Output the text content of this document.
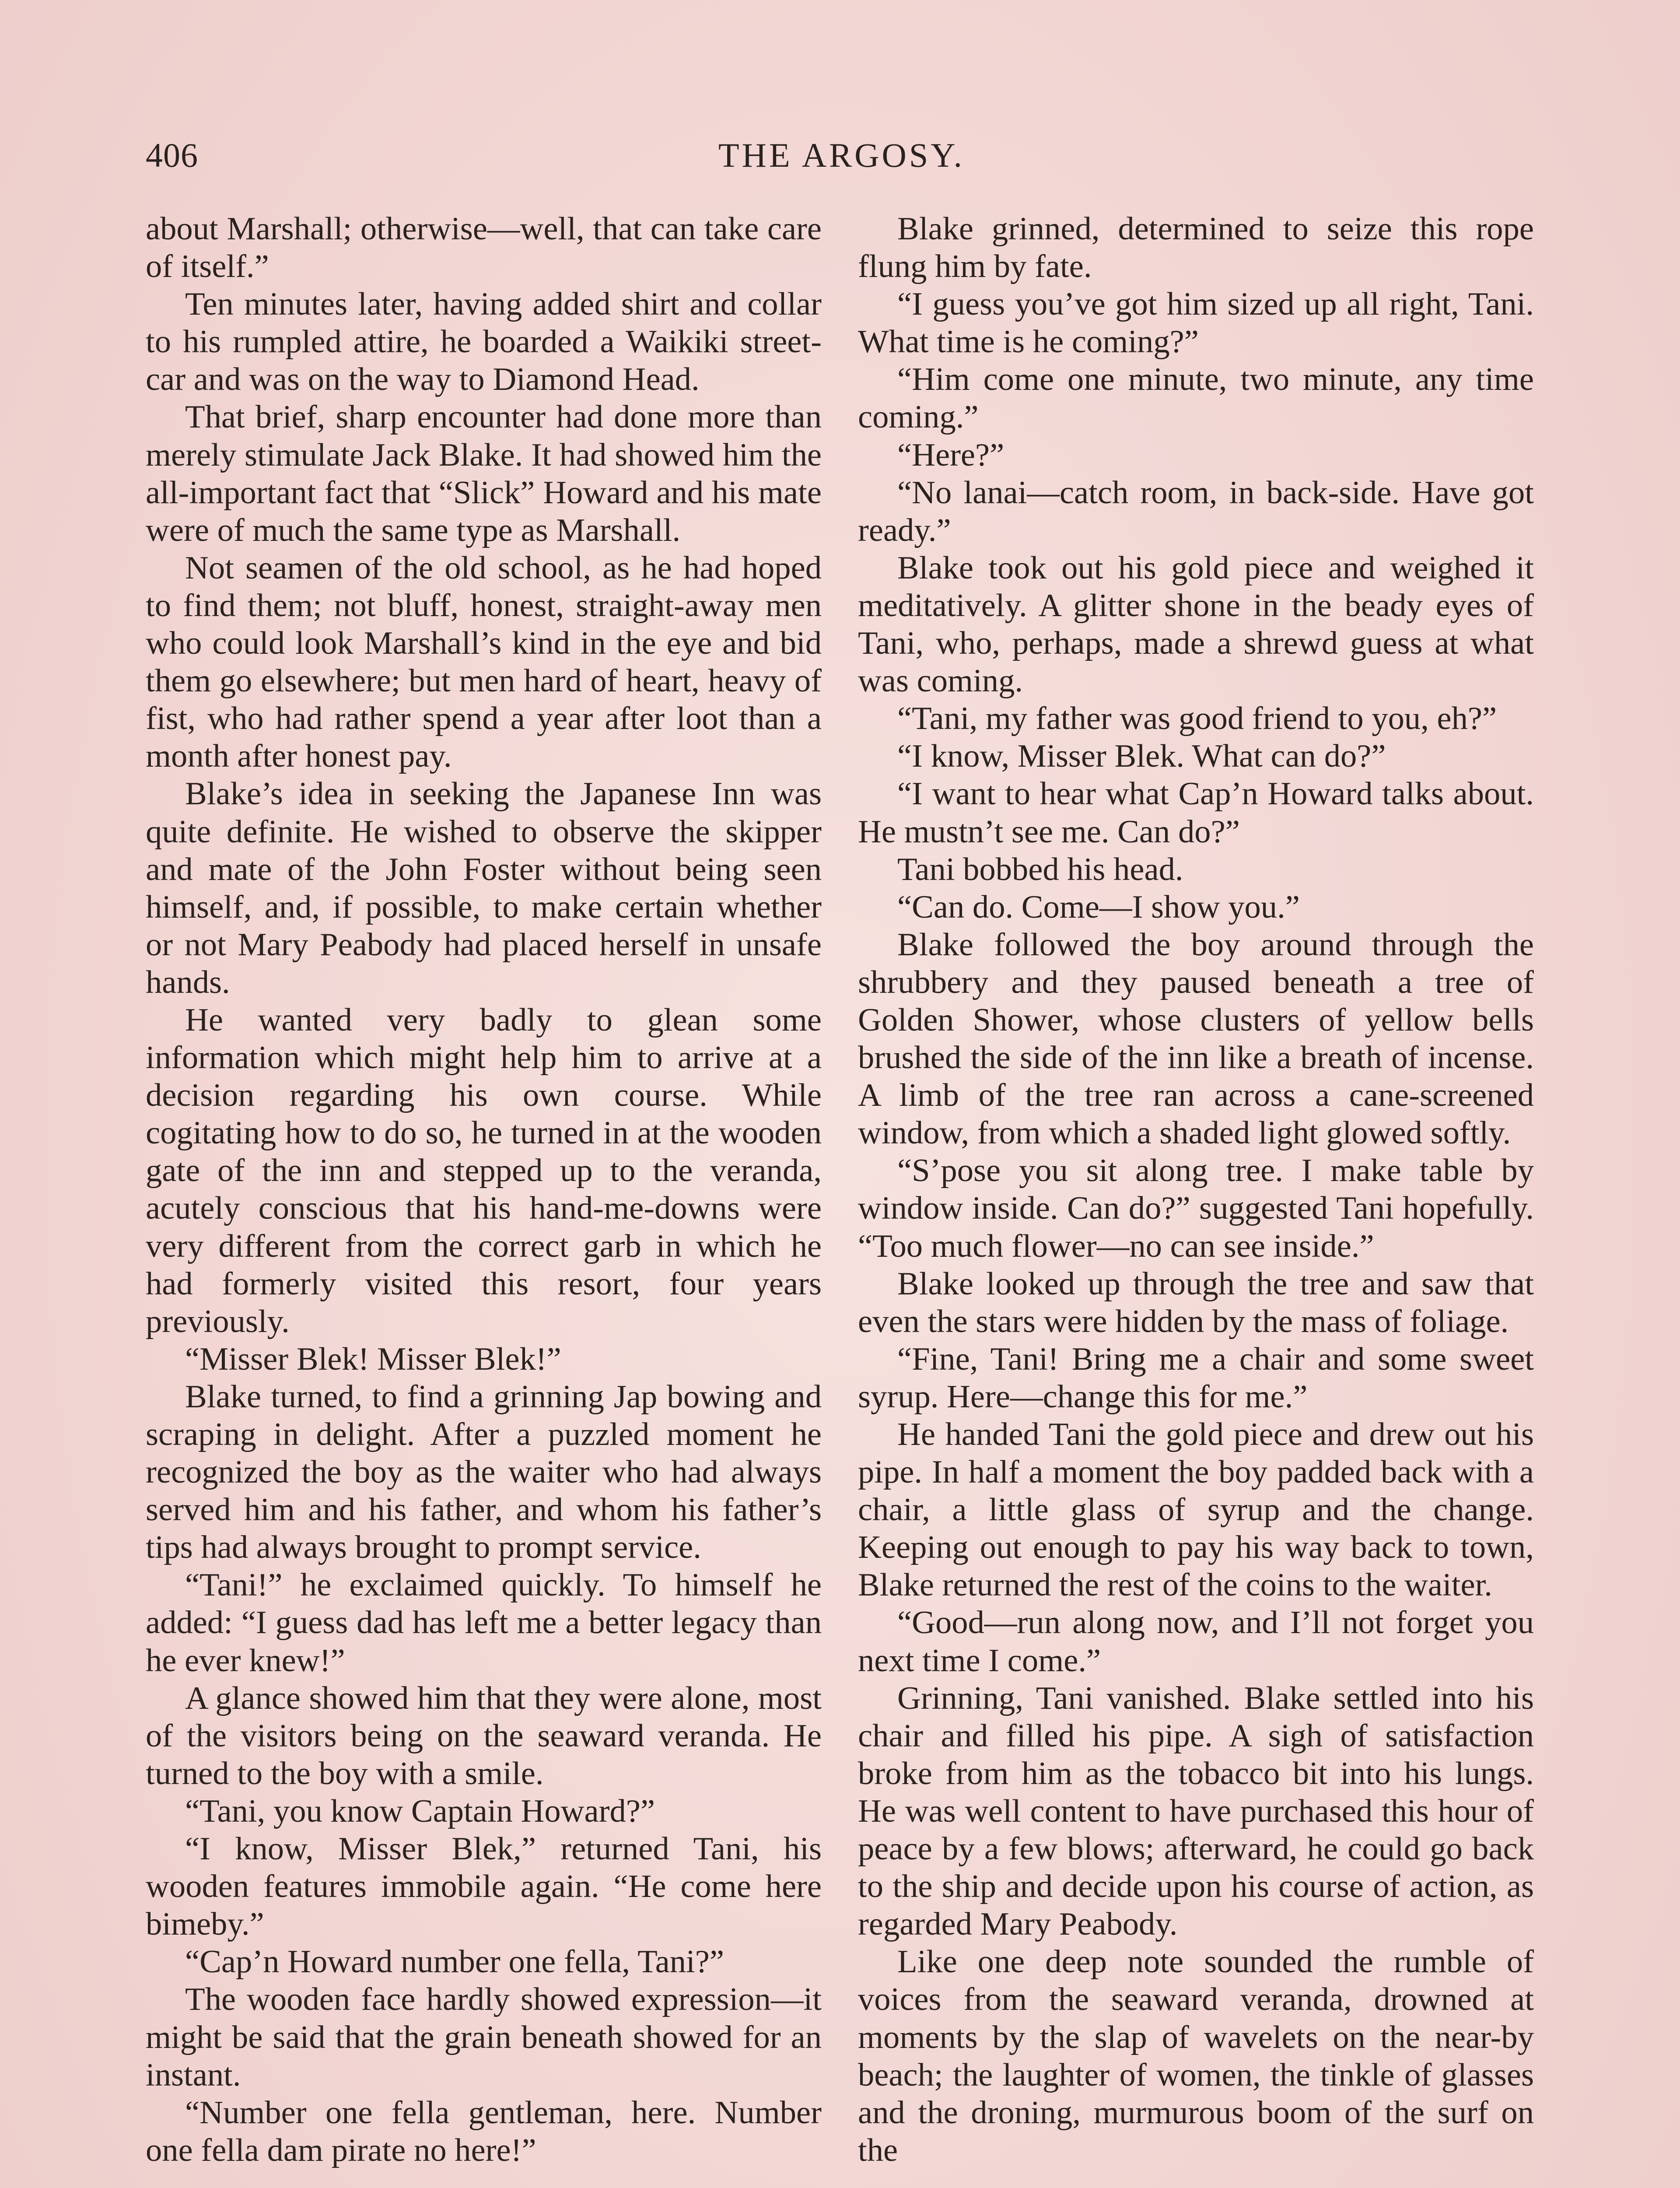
406	THE ARGOSY.

about Marshall; otherwise—well, that can take care of itself.”

Ten minutes later, having added shirt and collar to his rumpled attire, he boarded a Waikiki street-car and was on the way to Diamond Head.

That brief, sharp encounter had done more than merely stimulate Jack Blake. It had showed him the all-important fact that “Slick” Howard and his mate were of much the same type as Marshall.

Not seamen of the old school, as he had hoped to find them; not bluff, honest, straight-away men who could look Marshall’s kind in the eye and bid them go elsewhere; but men hard of heart, heavy of fist, who had rather spend a year after loot than a month after honest pay.

Blake’s idea in seeking the Japanese Inn was quite definite. He wished to observe the skipper and mate of the John Foster without being seen himself, and, if possible, to make certain whether or not Mary Peabody had placed herself in unsafe hands.

He wanted very badly to glean some information which might help him to arrive at a decision regarding his own course. While cogitating how to do so, he turned in at the wooden gate of the inn and stepped up to the veranda, acutely conscious that his hand-me-downs were very different from the correct garb in which he had formerly visited this resort, four years previously.

“Misser Blek! Misser Blek!”

Blake turned, to find a grinning Jap bowing and scraping in delight. After a puzzled moment he recognized the boy as the waiter who had always served him and his father, and whom his father’s tips had always brought to prompt service.

“Tani!” he exclaimed quickly. To himself he added: “I guess dad has left me a better legacy than he ever knew!”

A glance showed him that they were alone, most of the visitors being on the seaward veranda. He turned to the boy with a smile.

“Tani, you know Captain Howard?”

“I know, Misser Blek,” returned Tani, his wooden features immobile again. “He come here bimeby.”

“Cap’n Howard number one fella, Tani?”

The wooden face hardly showed expression—it might be said that the grain beneath showed for an instant.

“Number one fella gentleman, here. Number one fella dam pirate no here!”

Blake grinned, determined to seize this rope flung him by fate.

“I guess you’ve got him sized up all right, Tani. What time is he coming?”

“Him come one minute, two minute, any time coming.”

“Here?”

“No lanai—catch room, in back-side. Have got ready.”

Blake took out his gold piece and weighed it meditatively. A glitter shone in the beady eyes of Tani, who, perhaps, made a shrewd guess at what was coming.

“Tani, my father was good friend to you, eh?”

“I know, Misser Blek. What can do?”

“I want to hear what Cap’n Howard talks about. He mustn’t see me. Can do?”

Tani bobbed his head.

“Can do. Come—I show you.”

Blake followed the boy around through the shrubbery and they paused beneath a tree of Golden Shower, whose clusters of yellow bells brushed the side of the inn like a breath of incense. A limb of the tree ran across a cane-screened window, from which a shaded light glowed softly.

“S’pose you sit along tree. I make table by window inside. Can do?” suggested Tani hopefully. “Too much flower—no can see inside.”

Blake looked up through the tree and saw that even the stars were hidden by the mass of foliage.

“Fine, Tani! Bring me a chair and some sweet syrup. Here—change this for me.”

He handed Tani the gold piece and drew out his pipe. In half a moment the boy padded back with a chair, a little glass of syrup and the change. Keeping out enough to pay his way back to town, Blake returned the rest of the coins to the waiter.

“Good—run along now, and I’ll not forget you next time I come.”

Grinning, Tani vanished. Blake settled into his chair and filled his pipe. A sigh of satisfaction broke from him as the tobacco bit into his lungs. He was well content to have purchased this hour of peace by a few blows; afterward, he could go back to the ship and decide upon his course of action, as regarded Mary Peabody.

Like one deep note sounded the rumble of voices from the seaward veranda, drowned at moments by the slap of wavelets on the near-by beach; the laughter of women, the tinkle of glasses and the droning, murmurous boom of the surf on the
